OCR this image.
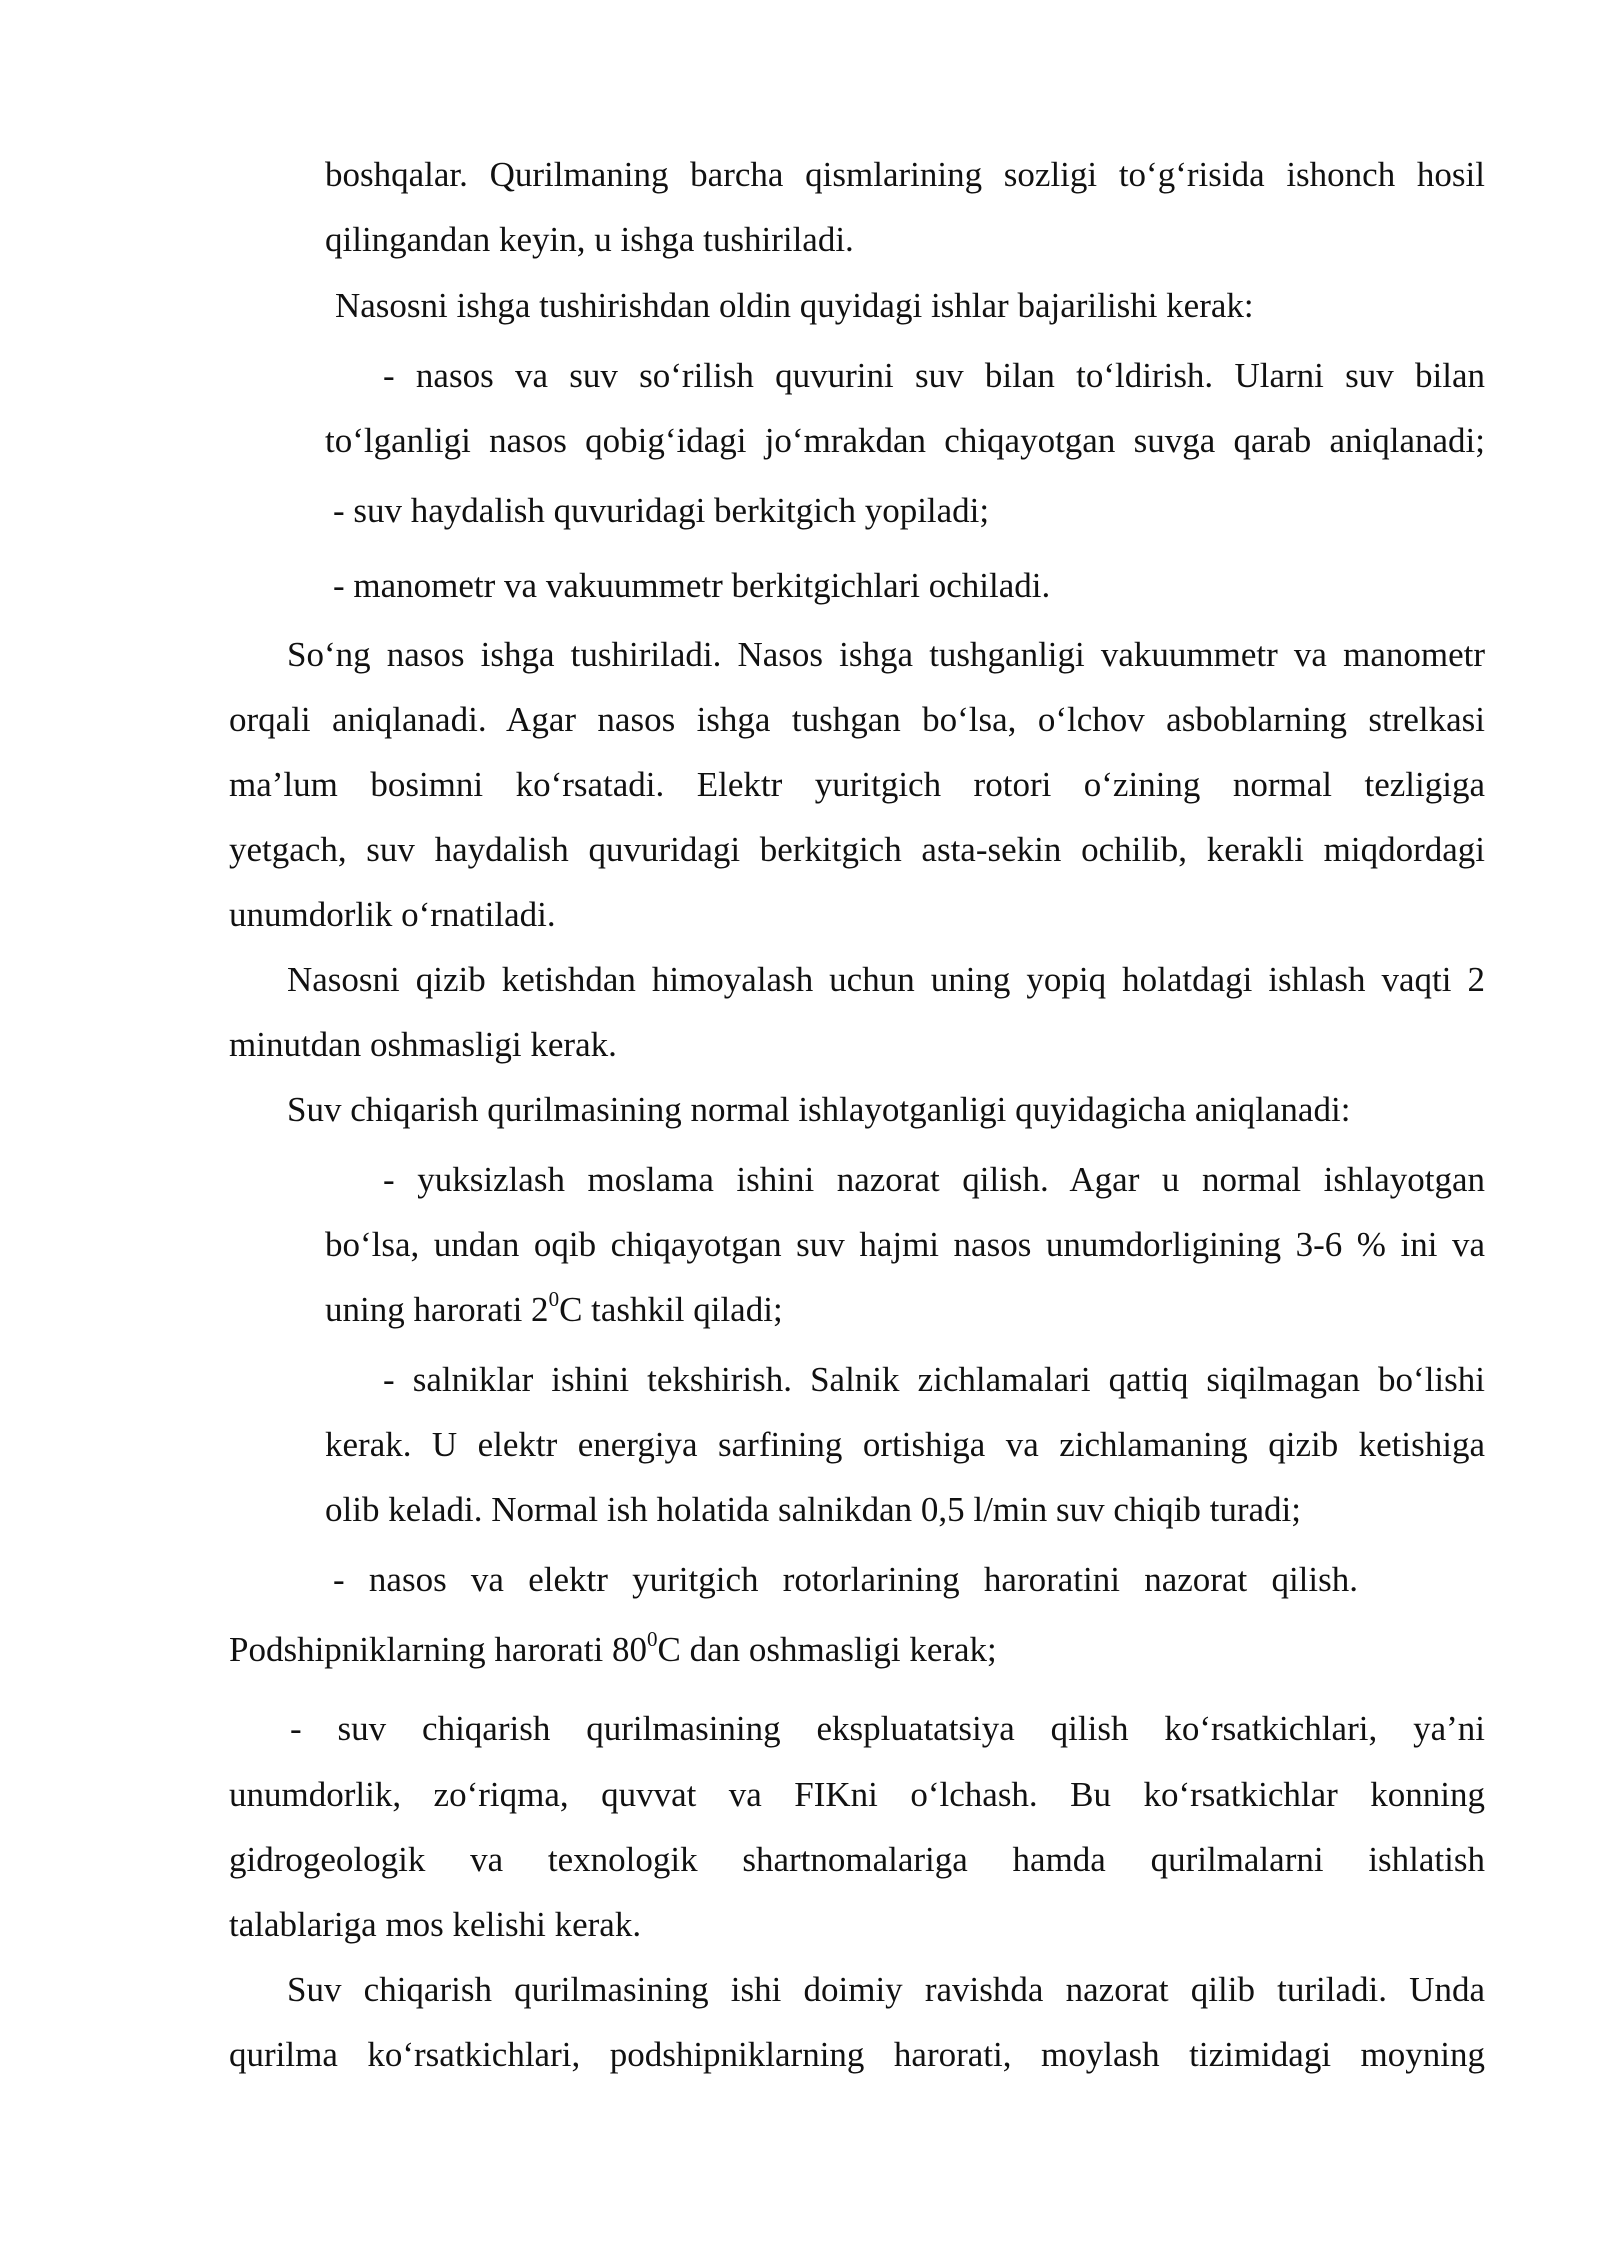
boshqalar. Qurilmaning barcha qismlarining sozligi to‘g‘risida ishonch hosil
qilingandan keyin, u ishga tushiriladi.
Nasosni ishga tushirishdan oldin quyidagi ishlar bajarilishi kerak:
- nasos va suv so‘rilish quvurini suv bilan to‘ldirish. Ularni suv bilan
to‘lganligi nasos qobig‘idagi jo‘mrakdan chiqayotgan suvga qarab aniqlanadi;
- suv haydalish quvuridagi berkitgich yopiladi;
- manometr va vakuummetr berkitgichlari ochiladi.
So‘ng nasos ishga tushiriladi. Nasos ishga tushganligi vakuummetr va manometr
orqali aniqlanadi. Agar nasos ishga tushgan bo‘lsa, o‘lchov asboblarning strelkasi
ma’lum bosimni ko‘rsatadi. Elektr yuritgich rotori o‘zining normal tezligiga
yetgach, suv haydalish quvuridagi berkitgich asta-sekin ochilib, kerakli miqdordagi
unumdorlik o‘rnatiladi.
Nasosni qizib ketishdan himoyalash uchun uning yopiq holatdagi ishlash vaqti 2
minutdan oshmasligi kerak.
Suv chiqarish qurilmasining normal ishlayotganligi quyidagicha aniqlanadi:
- yuksizlash moslama ishini nazorat qilish. Agar u normal ishlayotgan
bo‘lsa, undan oqib chiqayotgan suv hajmi nasos unumdorligining 3-6 % ini va
uning harorati $2^0C$ tashkil qiladi;
- salniklar ishini tekshirish. Salnik zichlamalari qattiq siqilmagan bo‘lishi
kerak. U elektr energiya sarfining ortishiga va zichlamaning qizib ketishiga
olib keladi. Normal ish holatida salnikdan 0,5 l/min suv chiqib turadi;
- nasos va elektr yuritgich rotorlarining haroratini nazorat qilish.
Podshipniklarning harorati $80^0C$ dan oshmasligi kerak;
- suv chiqarish qurilmasining ekspluatatsiya qilish ko‘rsatkichlari, ya’ni
unumdorlik, zo‘riqma, quvvat va FIKni o‘lchash. Bu ko‘rsatkichlar konning
gidrogeologik va texnologik shartnomalariga hamda qurilmalarni ishlatish
talablariga mos kelishi kerak.
Suv chiqarish qurilmasining ishi doimiy ravishda nazorat qilib turiladi. Unda
qurilma ko‘rsatkichlari, podshipniklarning harorati, moylash tizimidagi moyning
